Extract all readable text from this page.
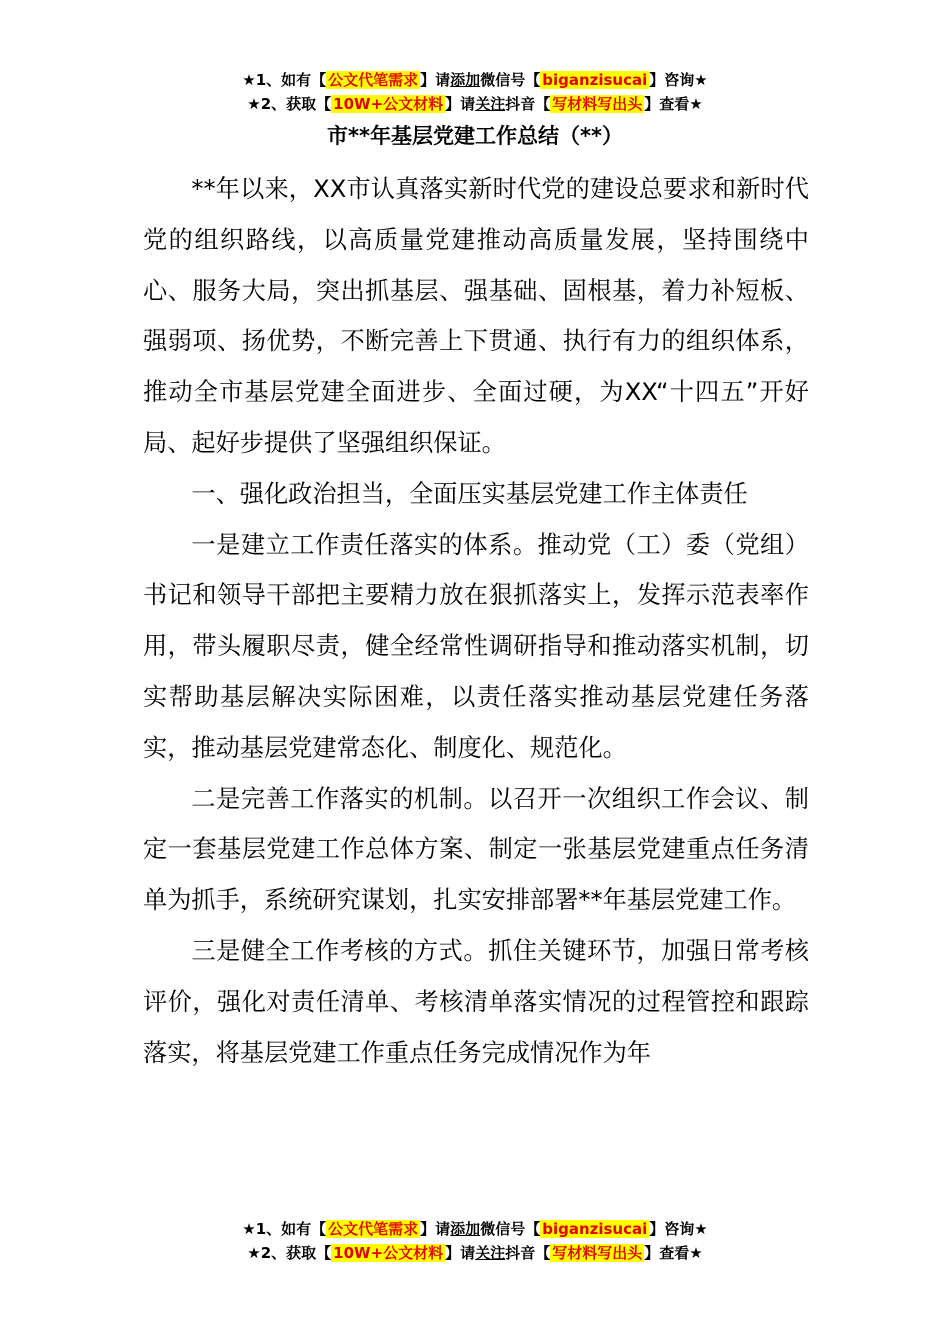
★1、如有【 公文代笔需求 】请添加微信号【 biganzisucai 】咨询★
★2、获取【 10W+公文材料 】请关注抖音【 写材料写出头 】查看★
市**年基层党建工作总结（**）

**年以来，XX市认真落实新时代党的建设总要求和新时代党的组织路线，以高质量党建推动高质量发展，坚持围绕中心、服务大局，突出抓基层、强基础、固根基，着力补短板、强弱项、扬优势，不断完善上下贯通、执行有力的组织体系，推动全市基层党建全面进步、全面过硬，为XX“十四五”开好局、起好步提供了坚强组织保证。

一、强化政治担当，全面压实基层党建工作主体责任

一是建立工作责任落实的体系。推动党（工）委（党组）书记和领导干部把主要精力放在狠抓落实上，发挥示范表率作用，带头履职尽责，健全经常性调研指导和推动落实机制，切实帮助基层解决实际困难，以责任落实推动基层党建任务落实，推动基层党建常态化、制度化、规范化。

二是完善工作落实的机制。以召开一次组织工作会议、制定一套基层党建工作总体方案、制定一张基层党建重点任务清单为抓手，系统研究谋划，扎实安排部署**年基层党建工作。

三是健全工作考核的方式。抓住关键环节，加强日常考核评价，强化对责任清单、考核清单落实情况的过程管控和跟踪落实，将基层党建工作重点任务完成情况作为年

★1、如有【 公文代笔需求 】请添加微信号【 biganzisucai 】咨询★
★2、获取【 10W+公文材料 】请关注抖音【 写材料写出头 】查看★
